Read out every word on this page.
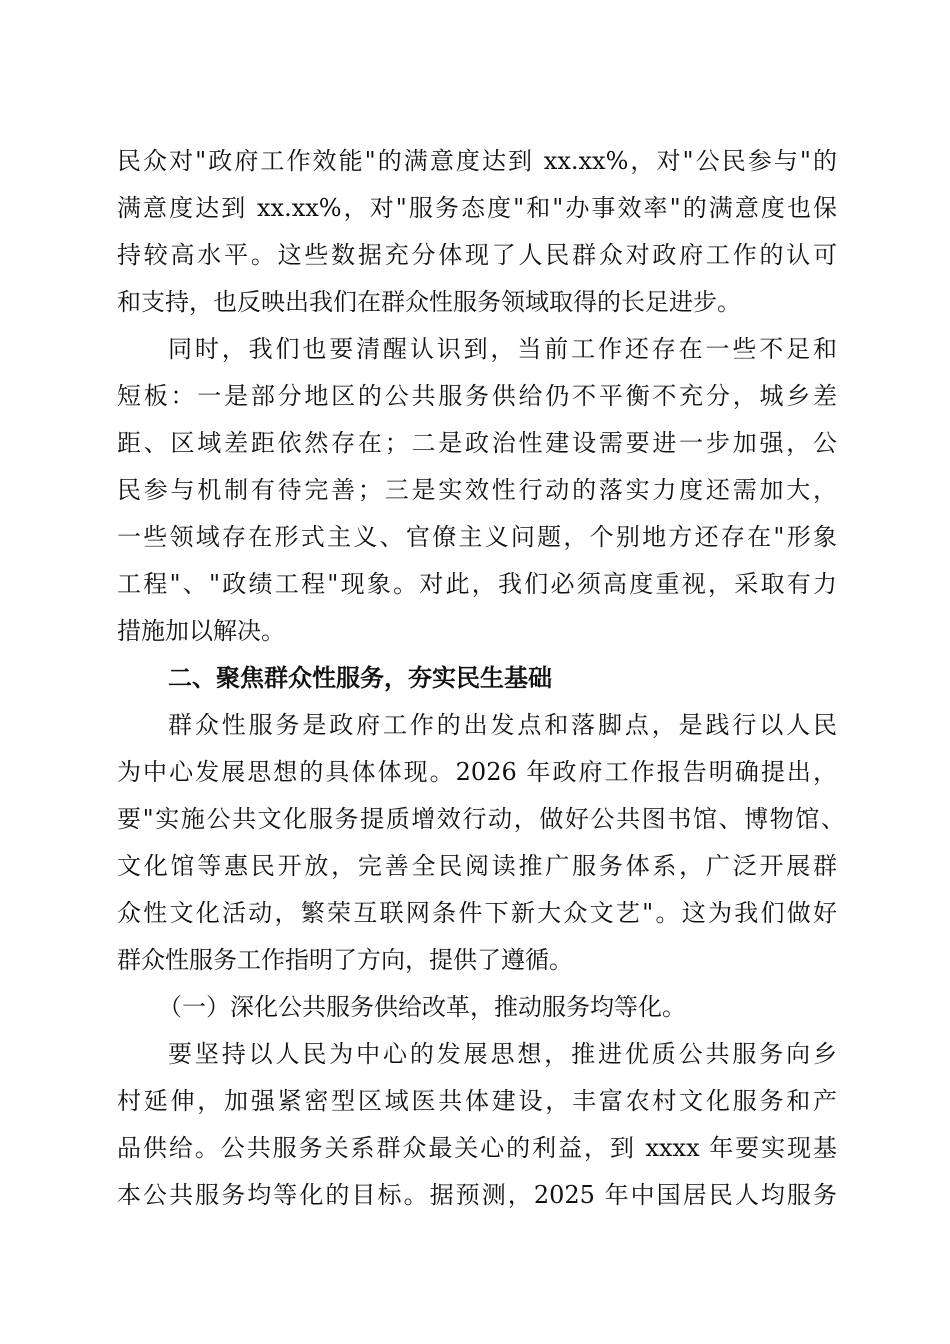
民众对"政府工作效能"的满意度达到 xx.xx%，对"公民参与"的
满意度达到 xx.xx%，对"服务态度"和"办事效率"的满意度也保
持较高水平。这些数据充分体现了人民群众对政府工作的认可
和支持，也反映出我们在群众性服务领域取得的长足进步。
同时，我们也要清醒认识到，当前工作还存在一些不足和
短板：一是部分地区的公共服务供给仍不平衡不充分，城乡差
距、区域差距依然存在；二是政治性建设需要进一步加强，公
民参与机制有待完善；三是实效性行动的落实力度还需加大，
一些领域存在形式主义、官僚主义问题，个别地方还存在"形象
工程"、"政绩工程"现象。对此，我们必须高度重视，采取有力
措施加以解决。
二、聚焦群众性服务，夯实民生基础
群众性服务是政府工作的出发点和落脚点，是践行以人民
为中心发展思想的具体体现。2026 年政府工作报告明确提出，
要"实施公共文化服务提质增效行动，做好公共图书馆、博物馆、
文化馆等惠民开放，完善全民阅读推广服务体系，广泛开展群
众性文化活动，繁荣互联网条件下新大众文艺"。这为我们做好
群众性服务工作指明了方向，提供了遵循。
（一）深化公共服务供给改革，推动服务均等化。
要坚持以人民为中心的发展思想，推进优质公共服务向乡
村延伸，加强紧密型区域医共体建设，丰富农村文化服务和产
品供给。公共服务关系群众最关心的利益，到 xxxx 年要实现基
本公共服务均等化的目标。据预测，2025 年中国居民人均服务
